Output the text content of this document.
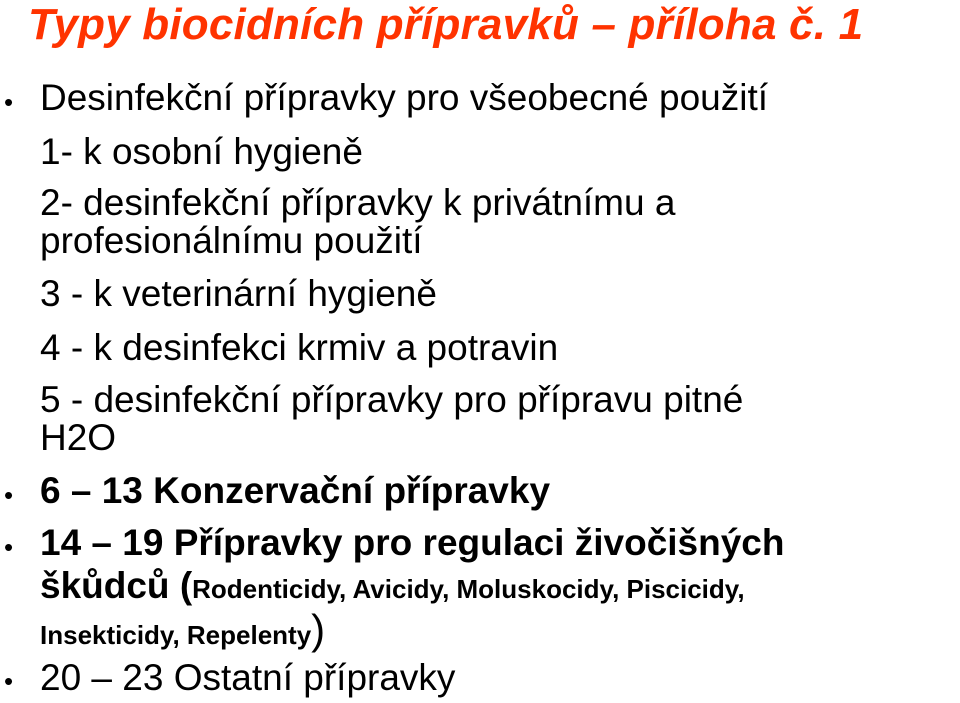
Typy biocidních přípravků – příloha č. 1
• Desinfekční přípravky pro všeobecné použití
1- k osobní hygieně
2- desinfekční přípravky k privátnímu a
profesionálnímu použití
3 - k veterinární hygieně
4 - k desinfekci krmiv a potravin
5 - desinfekční přípravky pro přípravu pitné
H2O
• 6 – 13 Konzervační přípravky
• 14 – 19 Přípravky pro regulaci živočišných
škůdců (Rodenticidy, Avicidy, Moluskocidy, Piscicidy,
Insekticidy, Repelenty)
• 20 – 23 Ostatní přípravky
